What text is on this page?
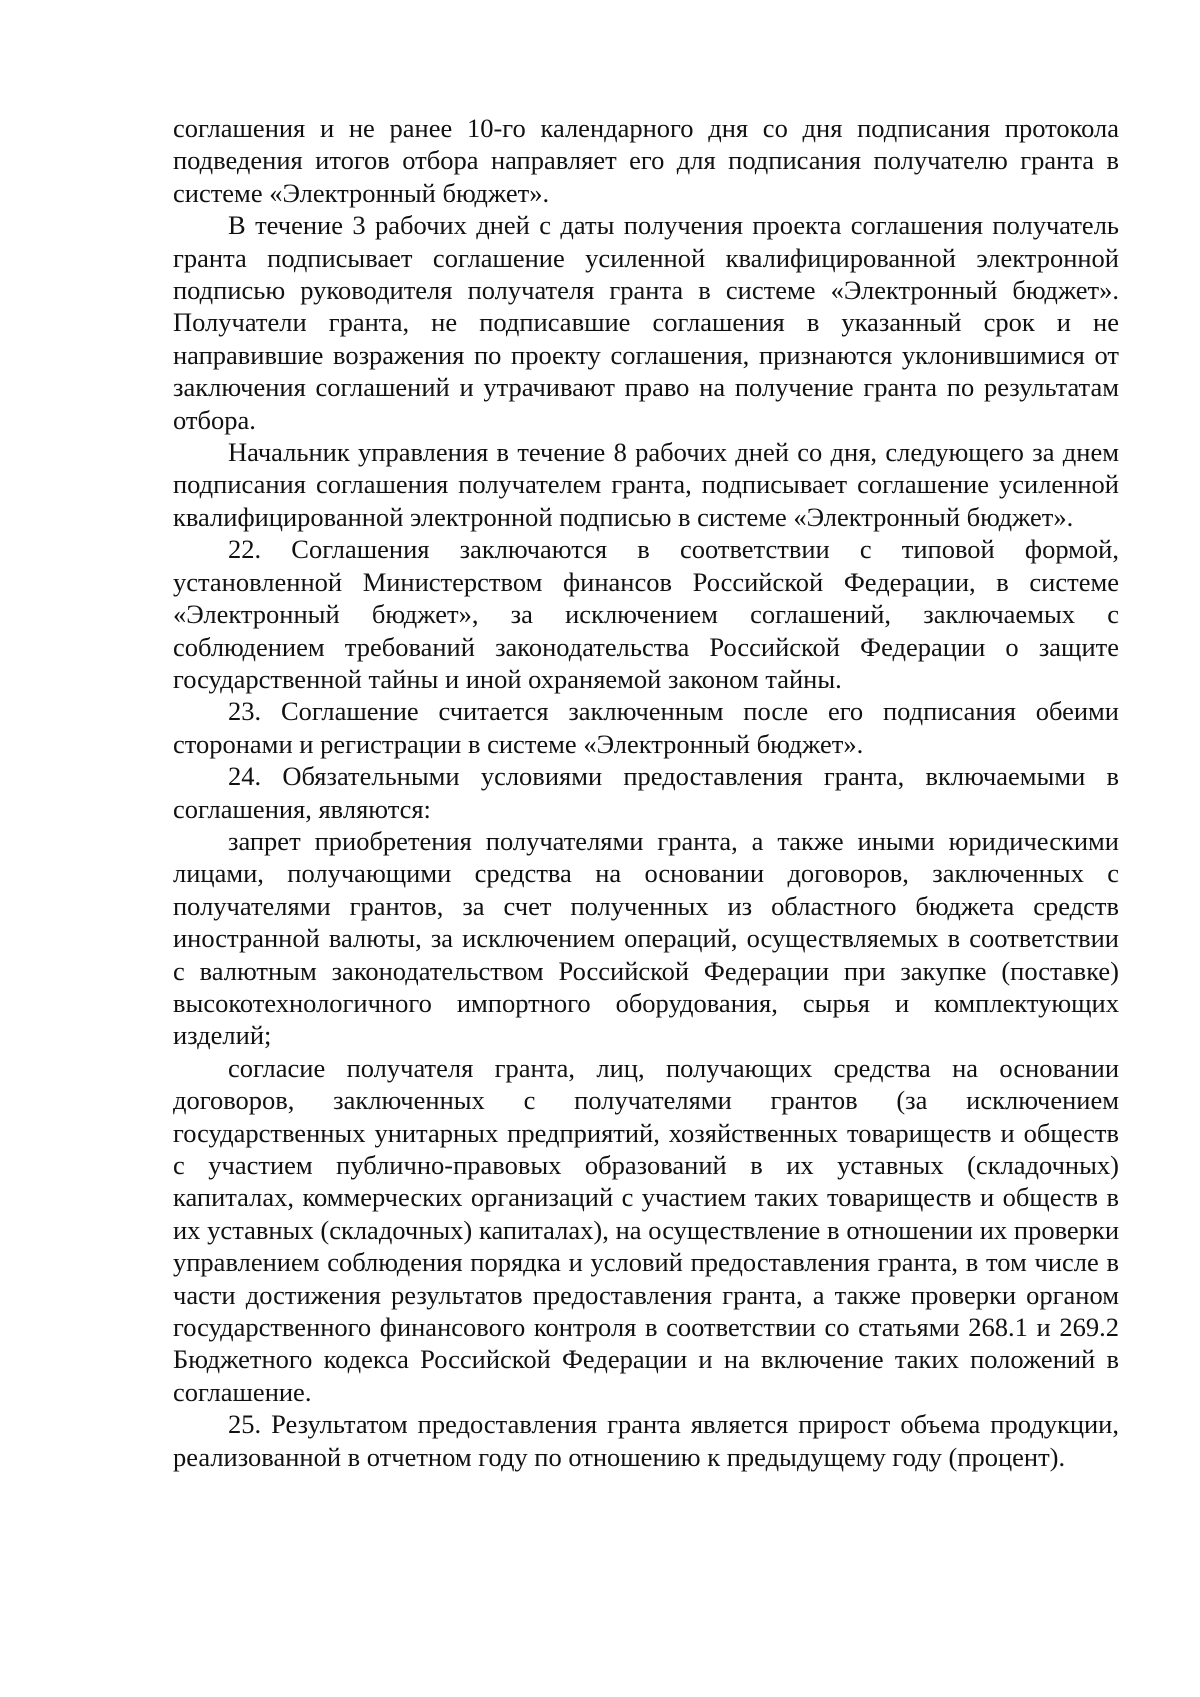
соглашения и не ранее 10-го календарного дня со дня подписания протокола подведения итогов отбора направляет его для подписания получателю гранта в системе «Электронный бюджет».

В течение 3 рабочих дней с даты получения проекта соглашения получатель гранта подписывает соглашение усиленной квалифицированной электронной подписью руководителя получателя гранта в системе «Электронный бюджет». Получатели гранта, не подписавшие соглашения в указанный срок и не направившие возражения по проекту соглашения, признаются уклонившимися от заключения соглашений и утрачивают право на получение гранта по результатам отбора.

Начальник управления в течение 8 рабочих дней со дня, следующего за днем подписания соглашения получателем гранта, подписывает соглашение усиленной квалифицированной электронной подписью в системе «Электронный бюджет».

22. Соглашения заключаются в соответствии с типовой формой, установленной Министерством финансов Российской Федерации, в системе «Электронный бюджет», за исключением соглашений, заключаемых с соблюдением требований законодательства Российской Федерации о защите государственной тайны и иной охраняемой законом тайны.

23. Соглашение считается заключенным после его подписания обеими сторонами и регистрации в системе «Электронный бюджет».

24. Обязательными условиями предоставления гранта, включаемыми в соглашения, являются:

запрет приобретения получателями гранта, а также иными юридическими лицами, получающими средства на основании договоров, заключенных с получателями грантов, за счет полученных из областного бюджета средств иностранной валюты, за исключением операций, осуществляемых в соответствии с валютным законодательством Российской Федерации при закупке (поставке) высокотехнологичного импортного оборудования, сырья и комплектующих изделий;

согласие получателя гранта, лиц, получающих средства на основании договоров, заключенных с получателями грантов (за исключением государственных унитарных предприятий, хозяйственных товариществ и обществ с участием публично-правовых образований в их уставных (складочных) капиталах, коммерческих организаций с участием таких товариществ и обществ в их уставных (складочных) капиталах), на осуществление в отношении их проверки управлением соблюдения порядка и условий предоставления гранта, в том числе в части достижения результатов предоставления гранта, а также проверки органом государственного финансового контроля в соответствии со статьями 268.1 и 269.2 Бюджетного кодекса Российской Федерации и на включение таких положений в соглашение.

25. Результатом предоставления гранта является прирост объема продукции, реализованной в отчетном году по отношению к предыдущему году (процент).
